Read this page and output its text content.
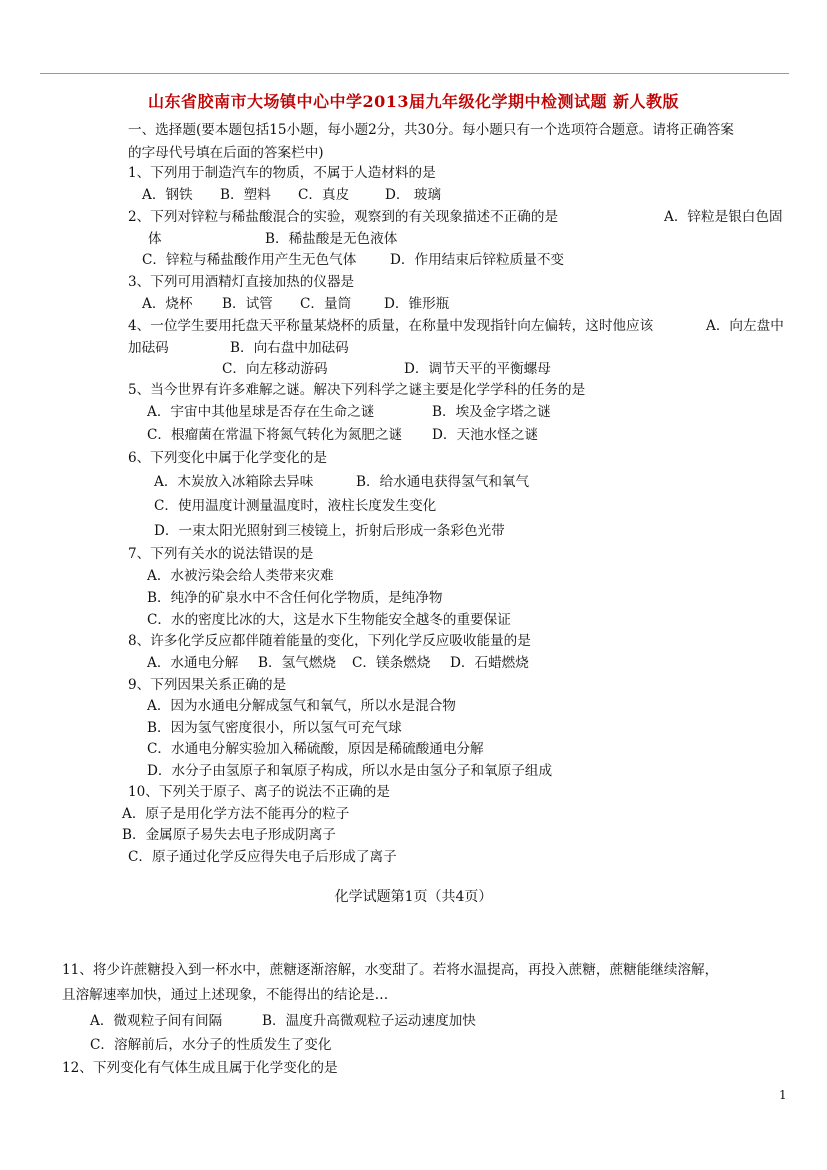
山东省胶南市大场镇中心中学2013届九年级化学期中检测试题 新人教版
一、选择题(要本题包括15小题，每小题2分，共30分。每小题只有一个选项符合题意。请将正确答案
的字母代号填在后面的答案栏中)
1、下列用于制造汽车的物质，不属于人造材料的是
A．钢铁 B．塑料 C．真皮	D． 玻璃
2、下列对锌粒与稀盐酸混合的实验，观察到的有关现象描述不正确的是	A．锌粒是银白色固
体	B．稀盐酸是无色液体
C．锌粒与稀盐酸作用产生无色气体 D．作用结束后锌粒质量不变
3、下列可用酒精灯直接加热的仪器是
A．烧杯 B．试管 C．量筒 D．锥形瓶
4、一位学生要用托盘天平称量某烧杯的质量，在称量中发现指针向左偏转，这时他应该	A．向左盘中
加砝码	B．向右盘中加砝码
C．向左移动游码	D．调节天平的平衡螺母
5、当今世界有许多难解之谜。解决下列科学之谜主要是化学学科的任务的是
A．宇宙中其他星球是否存在生命之谜	B．埃及金字塔之谜
C．根瘤菌在常温下将氮气转化为氮肥之谜 D．天池水怪之谜
6、下列变化中属于化学变化的是
A．木炭放入冰箱除去异味	B．给水通电获得氢气和氧气
C．使用温度计测量温度时，液柱长度发生变化
D．一束太阳光照射到三棱镜上，折射后形成一条彩色光带
7、下列有关水的说法错误的是
A．水被污染会给人类带来灾难
B．纯净的矿泉水中不含任何化学物质，是纯净物
C．水的密度比冰的大，这是水下生物能安全越冬的重要保证
8、许多化学反应都伴随着能量的变化，下列化学反应吸收能量的是
A．水通电分解 B．氢气燃烧 C．镁条燃烧 D．石蜡燃烧
9、下列因果关系正确的是
A．因为水通电分解成氢气和氧气，所以水是混合物
B．因为氢气密度很小，所以氢气可充气球
C．水通电分解实验加入稀硫酸，原因是稀硫酸通电分解
D．水分子由氢原子和氧原子构成，所以水是由氢分子和氧原子组成
10、下列关于原子、离子的说法不正确的是
A．原子是用化学方法不能再分的粒子
B．金属原子易失去电子形成阴离子
C．原子通过化学反应得失电子后形成了离子
化学试题第1页（共4页）
11、将少许蔗糖投入到一杯水中，蔗糖逐渐溶解，水变甜了。若将水温提高，再投入蔗糖，蔗糖能继续溶解，
且溶解速率加快，通过上述现象，不能得出的结论是…
A．微观粒子间有间隔	B．温度升高微观粒子运动速度加快
C．溶解前后，水分子的性质发生了变化
12、下列变化有气体生成且属于化学变化的是
1
